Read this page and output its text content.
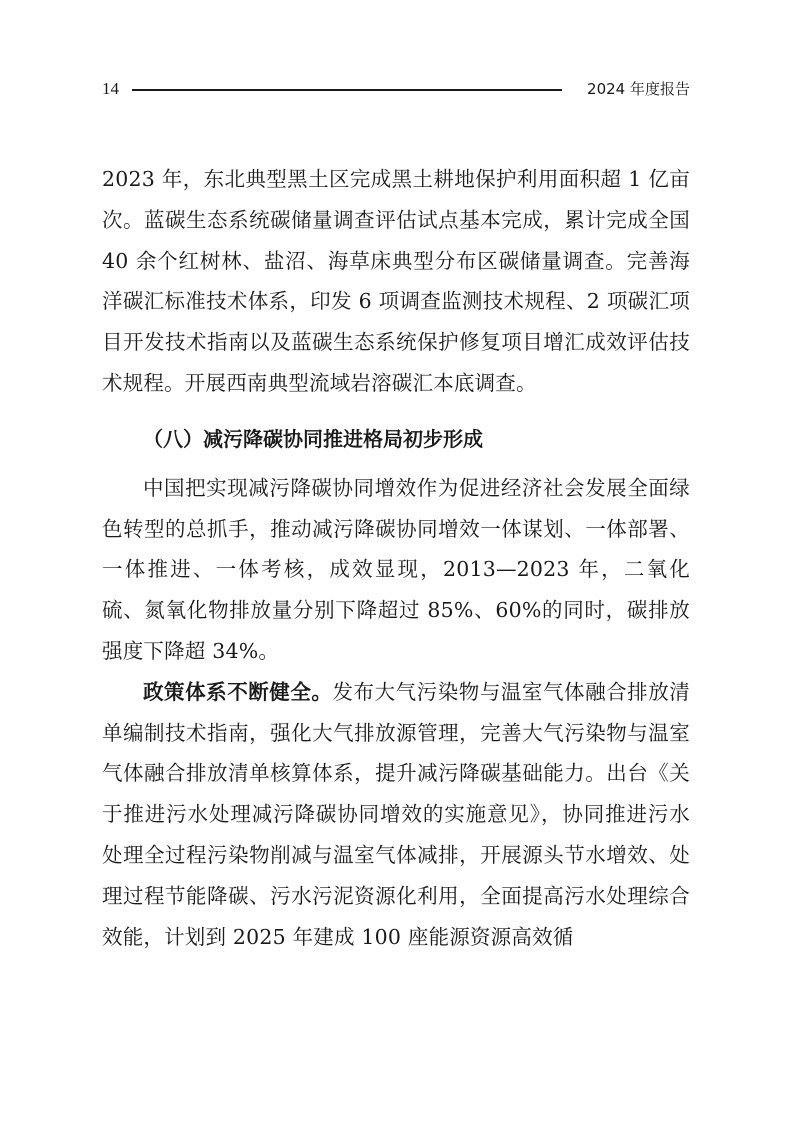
14	2024 年度报告

2023 年，东北典型黑土区完成黑土耕地保护利用面积超 1 亿亩次。蓝碳生态系统碳储量调查评估试点基本完成，累计完成全国 40 余个红树林、盐沼、海草床典型分布区碳储量调查。完善海洋碳汇标准技术体系，印发 6 项调查监测技术规程、2 项碳汇项目开发技术指南以及蓝碳生态系统保护修复项目增汇成效评估技术规程。开展西南典型流域岩溶碳汇本底调查。

（八）减污降碳协同推进格局初步形成

中国把实现减污降碳协同增效作为促进经济社会发展全面绿色转型的总抓手，推动减污降碳协同增效一体谋划、一体部署、一体推进、一体考核，成效显现，2013—2023 年，二氧化硫、氮氧化物排放量分别下降超过 85%、60%的同时，碳排放强度下降超 34%。

政策体系不断健全。发布大气污染物与温室气体融合排放清单编制技术指南，强化大气排放源管理，完善大气污染物与温室气体融合排放清单核算体系，提升减污降碳基础能力。出台《关于推进污水处理减污降碳协同增效的实施意见》，协同推进污水处理全过程污染物削减与温室气体减排，开展源头节水增效、处理过程节能降碳、污水污泥资源化利用，全面提高污水处理综合效能，计划到 2025 年建成 100 座能源资源高效循
